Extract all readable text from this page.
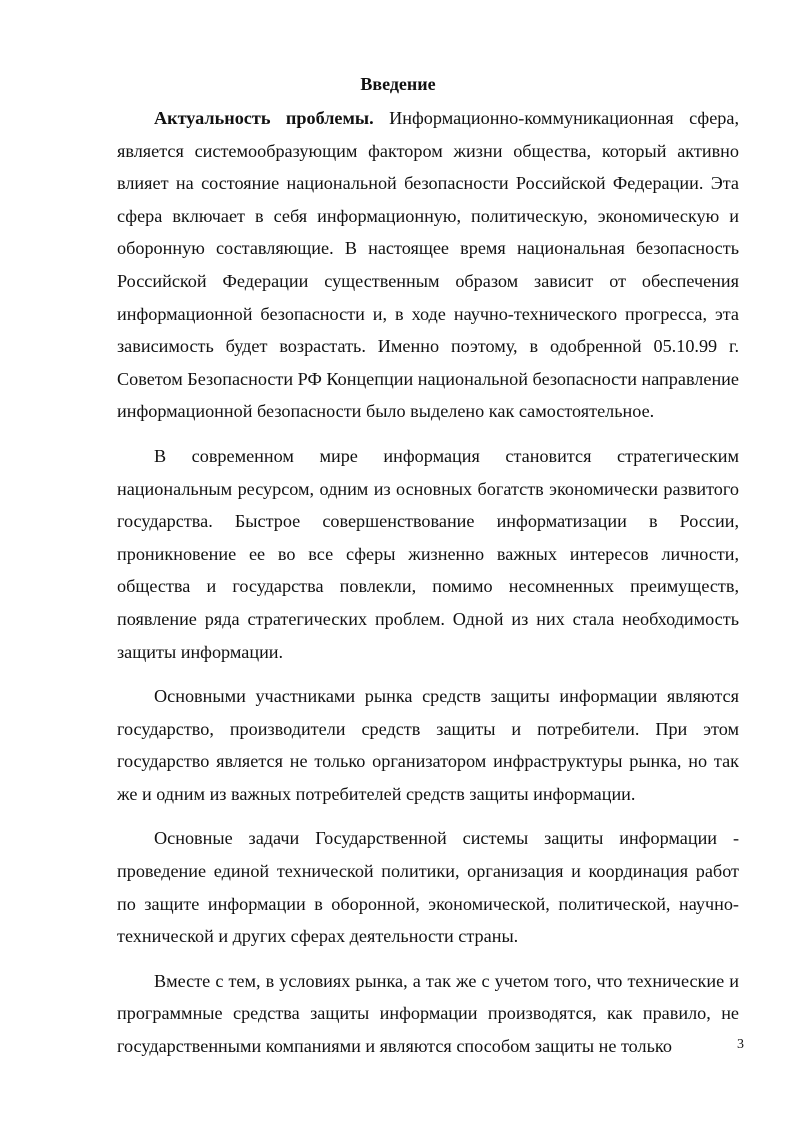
Введение

Актуальность проблемы. Информационно-коммуникационная сфера, является системообразующим фактором жизни общества, который активно влияет на состояние национальной безопасности Российской Федерации. Эта сфера включает в себя информационную, политическую, экономическую и оборонную составляющие. В настоящее время национальная безопасность Российской Федерации существенным образом зависит от обеспечения информационной безопасности и, в ходе научно-технического прогресса, эта зависимость будет возрастать. Именно поэтому, в одобренной 05.10.99 г. Советом Безопасности РФ Концепции национальной безопасности направление информационной безопасности было выделено как самостоятельное.

В современном мире информация становится стратегическим национальным ресурсом, одним из основных богатств экономически развитого государства. Быстрое совершенствование информатизации в России, проникновение ее во все сферы жизненно важных интересов личности, общества и государства повлекли, помимо несомненных преимуществ, появление ряда стратегических проблем. Одной из них стала необходимость защиты информации.

Основными участниками рынка средств защиты информации являются государство, производители средств защиты и потребители. При этом государство является не только организатором инфраструктуры рынка, но так же и одним из важных потребителей средств защиты информации.

Основные задачи Государственной системы защиты информации - проведение единой технической политики, организация и координация работ по защите информации в оборонной, экономической, политической, научно-технической и других сферах деятельности страны.

Вместе с тем, в условиях рынка, а так же с учетом того, что технические и программные средства защиты информации производятся, как правило, не государственными компаниями и являются способом защиты не только	3
